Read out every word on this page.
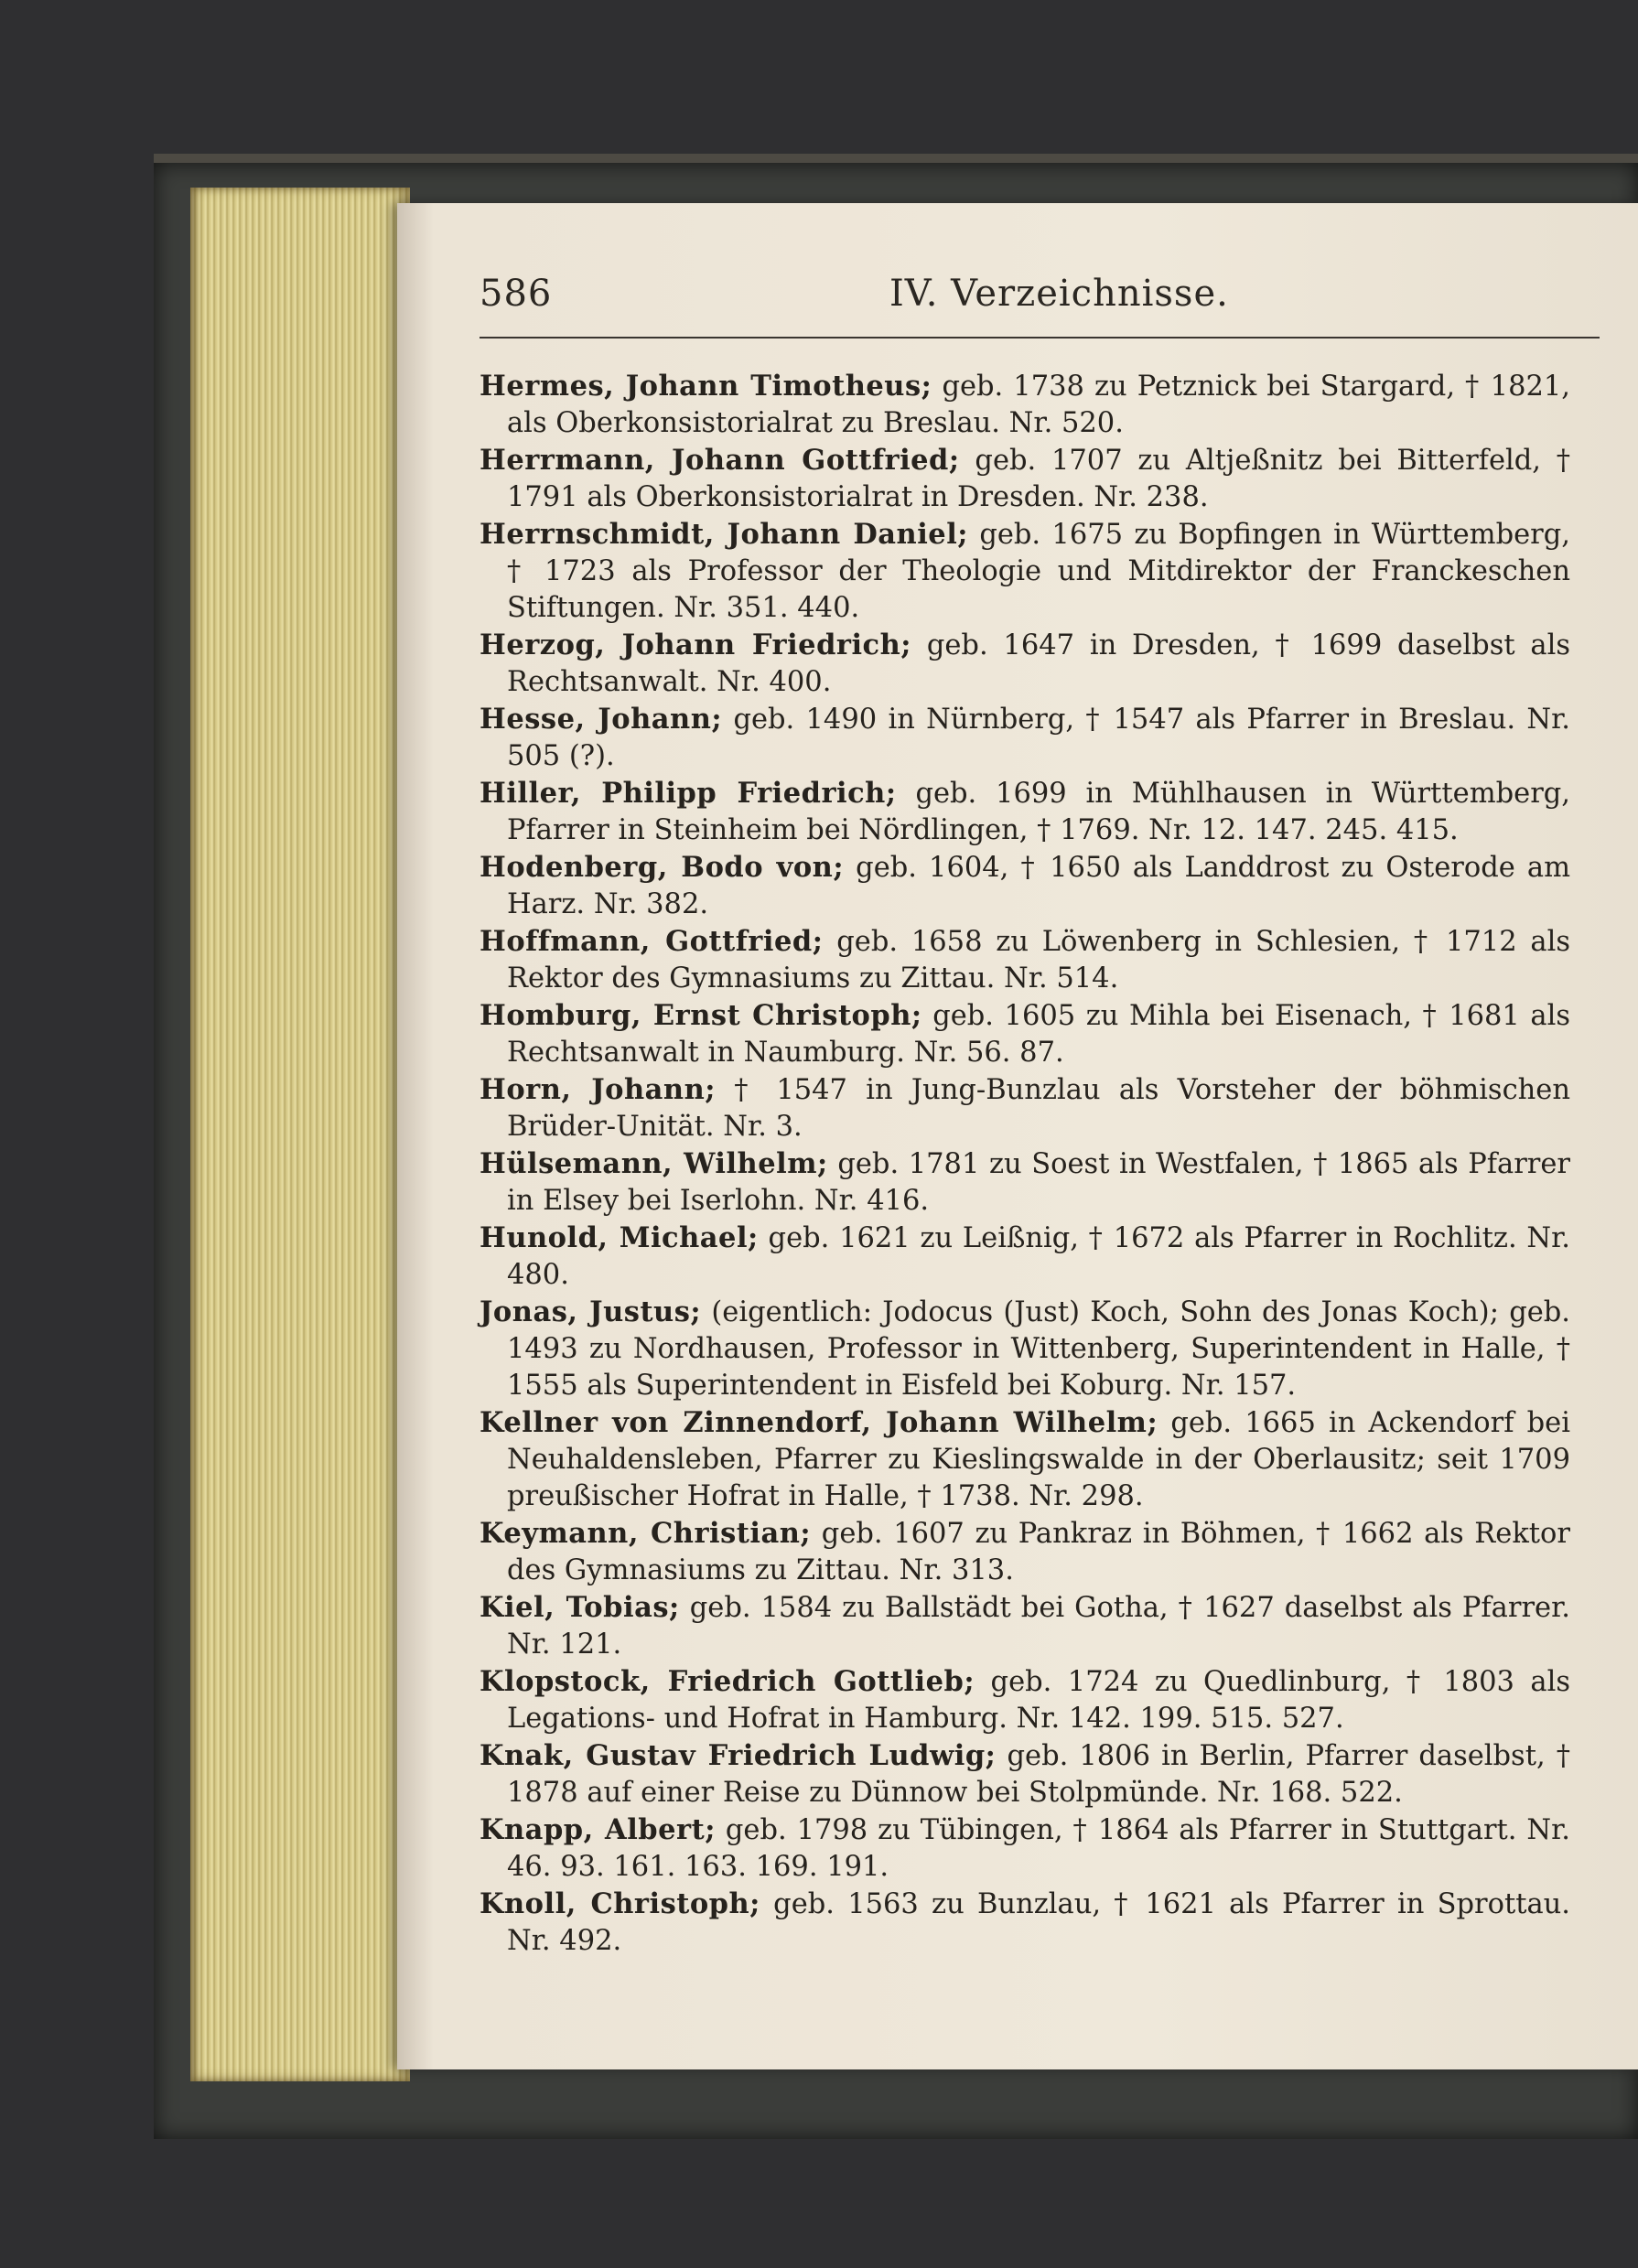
586	IV. Verzeichnisse.

Hermes, Johann Timotheus; geb. 1738 zu Petznick bei Stargard, † 1821, als Oberkonsistorialrat zu Breslau. Nr. 520.

Herrmann, Johann Gottfried; geb. 1707 zu Altjeßnitz bei Bitterfeld, † 1791 als Oberkonsistorialrat in Dresden. Nr. 238.

Herrnschmidt, Johann Daniel; geb. 1675 zu Bopfingen in Württemberg, † 1723 als Professor der Theologie und Mitdirektor der Franckeschen Stiftungen. Nr. 351. 440.

Herzog, Johann Friedrich; geb. 1647 in Dresden, † 1699 daselbst als Rechtsanwalt. Nr. 400.

Hesse, Johann; geb. 1490 in Nürnberg, † 1547 als Pfarrer in Breslau. Nr. 505 (?).

Hiller, Philipp Friedrich; geb. 1699 in Mühlhausen in Württemberg, Pfarrer in Steinheim bei Nördlingen, † 1769. Nr. 12. 147. 245. 415.

Hodenberg, Bodo von; geb. 1604, † 1650 als Landdrost zu Osterode am Harz. Nr. 382.

Hoffmann, Gottfried; geb. 1658 zu Löwenberg in Schlesien, † 1712 als Rektor des Gymnasiums zu Zittau. Nr. 514.

Homburg, Ernst Christoph; geb. 1605 zu Mihla bei Eisenach, † 1681 als Rechtsanwalt in Naumburg. Nr. 56. 87.

Horn, Johann; † 1547 in Jung-Bunzlau als Vorsteher der böhmischen Brüder-Unität. Nr. 3.

Hülsemann, Wilhelm; geb. 1781 zu Soest in Westfalen, † 1865 als Pfarrer in Elsey bei Iserlohn. Nr. 416.

Hunold, Michael; geb. 1621 zu Leißnig, † 1672 als Pfarrer in Rochlitz. Nr. 480.

Jonas, Justus; (eigentlich: Jodocus (Just) Koch, Sohn des Jonas Koch); geb. 1493 zu Nordhausen, Professor in Wittenberg, Superintendent in Halle, † 1555 als Superintendent in Eisfeld bei Koburg. Nr. 157.

Kellner von Zinnendorf, Johann Wilhelm; geb. 1665 in Ackendorf bei Neuhaldensleben, Pfarrer zu Kieslingswalde in der Oberlausitz; seit 1709 preußischer Hofrat in Halle, † 1738. Nr. 298.

Keymann, Christian; geb. 1607 zu Pankraz in Böhmen, † 1662 als Rektor des Gymnasiums zu Zittau. Nr. 313.

Kiel, Tobias; geb. 1584 zu Ballstädt bei Gotha, † 1627 daselbst als Pfarrer. Nr. 121.

Klopstock, Friedrich Gottlieb; geb. 1724 zu Quedlinburg, † 1803 als Legations- und Hofrat in Hamburg. Nr. 142. 199. 515. 527.

Knak, Gustav Friedrich Ludwig; geb. 1806 in Berlin, Pfarrer daselbst, † 1878 auf einer Reise zu Dünnow bei Stolpmünde. Nr. 168. 522.

Knapp, Albert; geb. 1798 zu Tübingen, † 1864 als Pfarrer in Stuttgart. Nr. 46. 93. 161. 163. 169. 191.

Knoll, Christoph; geb. 1563 zu Bunzlau, † 1621 als Pfarrer in Sprottau. Nr. 492.
